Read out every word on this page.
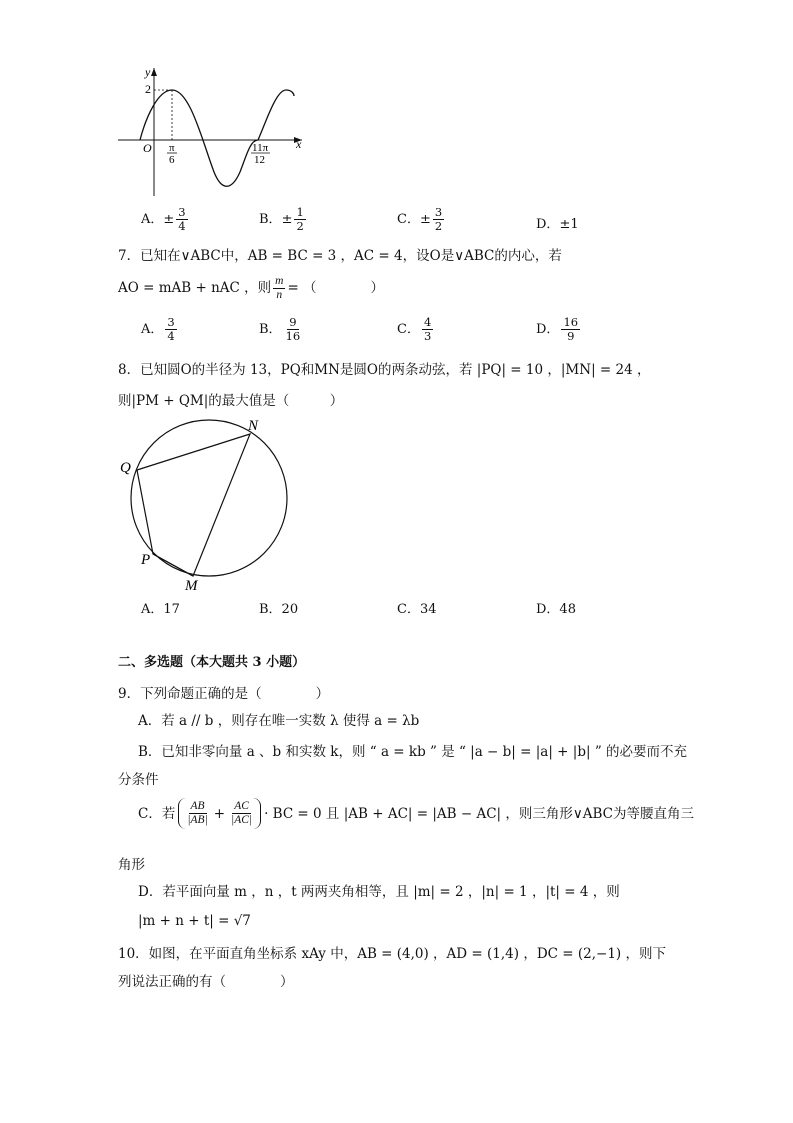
y
x
O
2
π
6
11π
12
A．± $\frac{3}{4}$	B．± $\frac{1}{2}$	C．± $\frac{3}{2}$	D．±1
7．已知在∨ABC中，AB = BC = 3 ，AC = 4，设O是∨ABC的内心，若
AO = mAB + nAC ，则 $\frac{m}{n}$ = （　　　　）
A． $\frac{3}{4}$	B． $\frac{9}{16}$	C． $\frac{4}{3}$	D． $\frac{16}{9}$
8．已知圆O的半径为 13，PQ和MN是圆O的两条动弦，若 |PQ| = 10 ，|MN| = 24 ，
则|PM + QM|的最大值是（　　　）
N
Q
P
M
A．17	B．20	C．34	D．48
二、多选题（本大题共 3 小题）
9．下列命题正确的是（　　　　）
A．若 a // b ，则存在唯一实数 λ 使得 a = λb
B．已知非零向量 a 、b 和实数 k，则 “ a = kb ” 是 “ |a − b| = |a| + |b| ” 的必要而不充
分条件
C．若 $\frac{AB}{|AB|} + \frac{AC}{|AC|}$ · BC = 0 且 |AB + AC| = |AB − AC| ，则三角形∨ABC为等腰直角三
角形
D．若平面向量 m ，n ，t 两两夹角相等，且 |m| = 2 ，|n| = 1 ，|t| = 4 ，则
|m + n + t| = √7
10．如图，在平面直角坐标系 xAy 中，AB = (4,0) ，AD = (1,4) ，DC = (2,−1) ，则下
列说法正确的有（　　　　）
